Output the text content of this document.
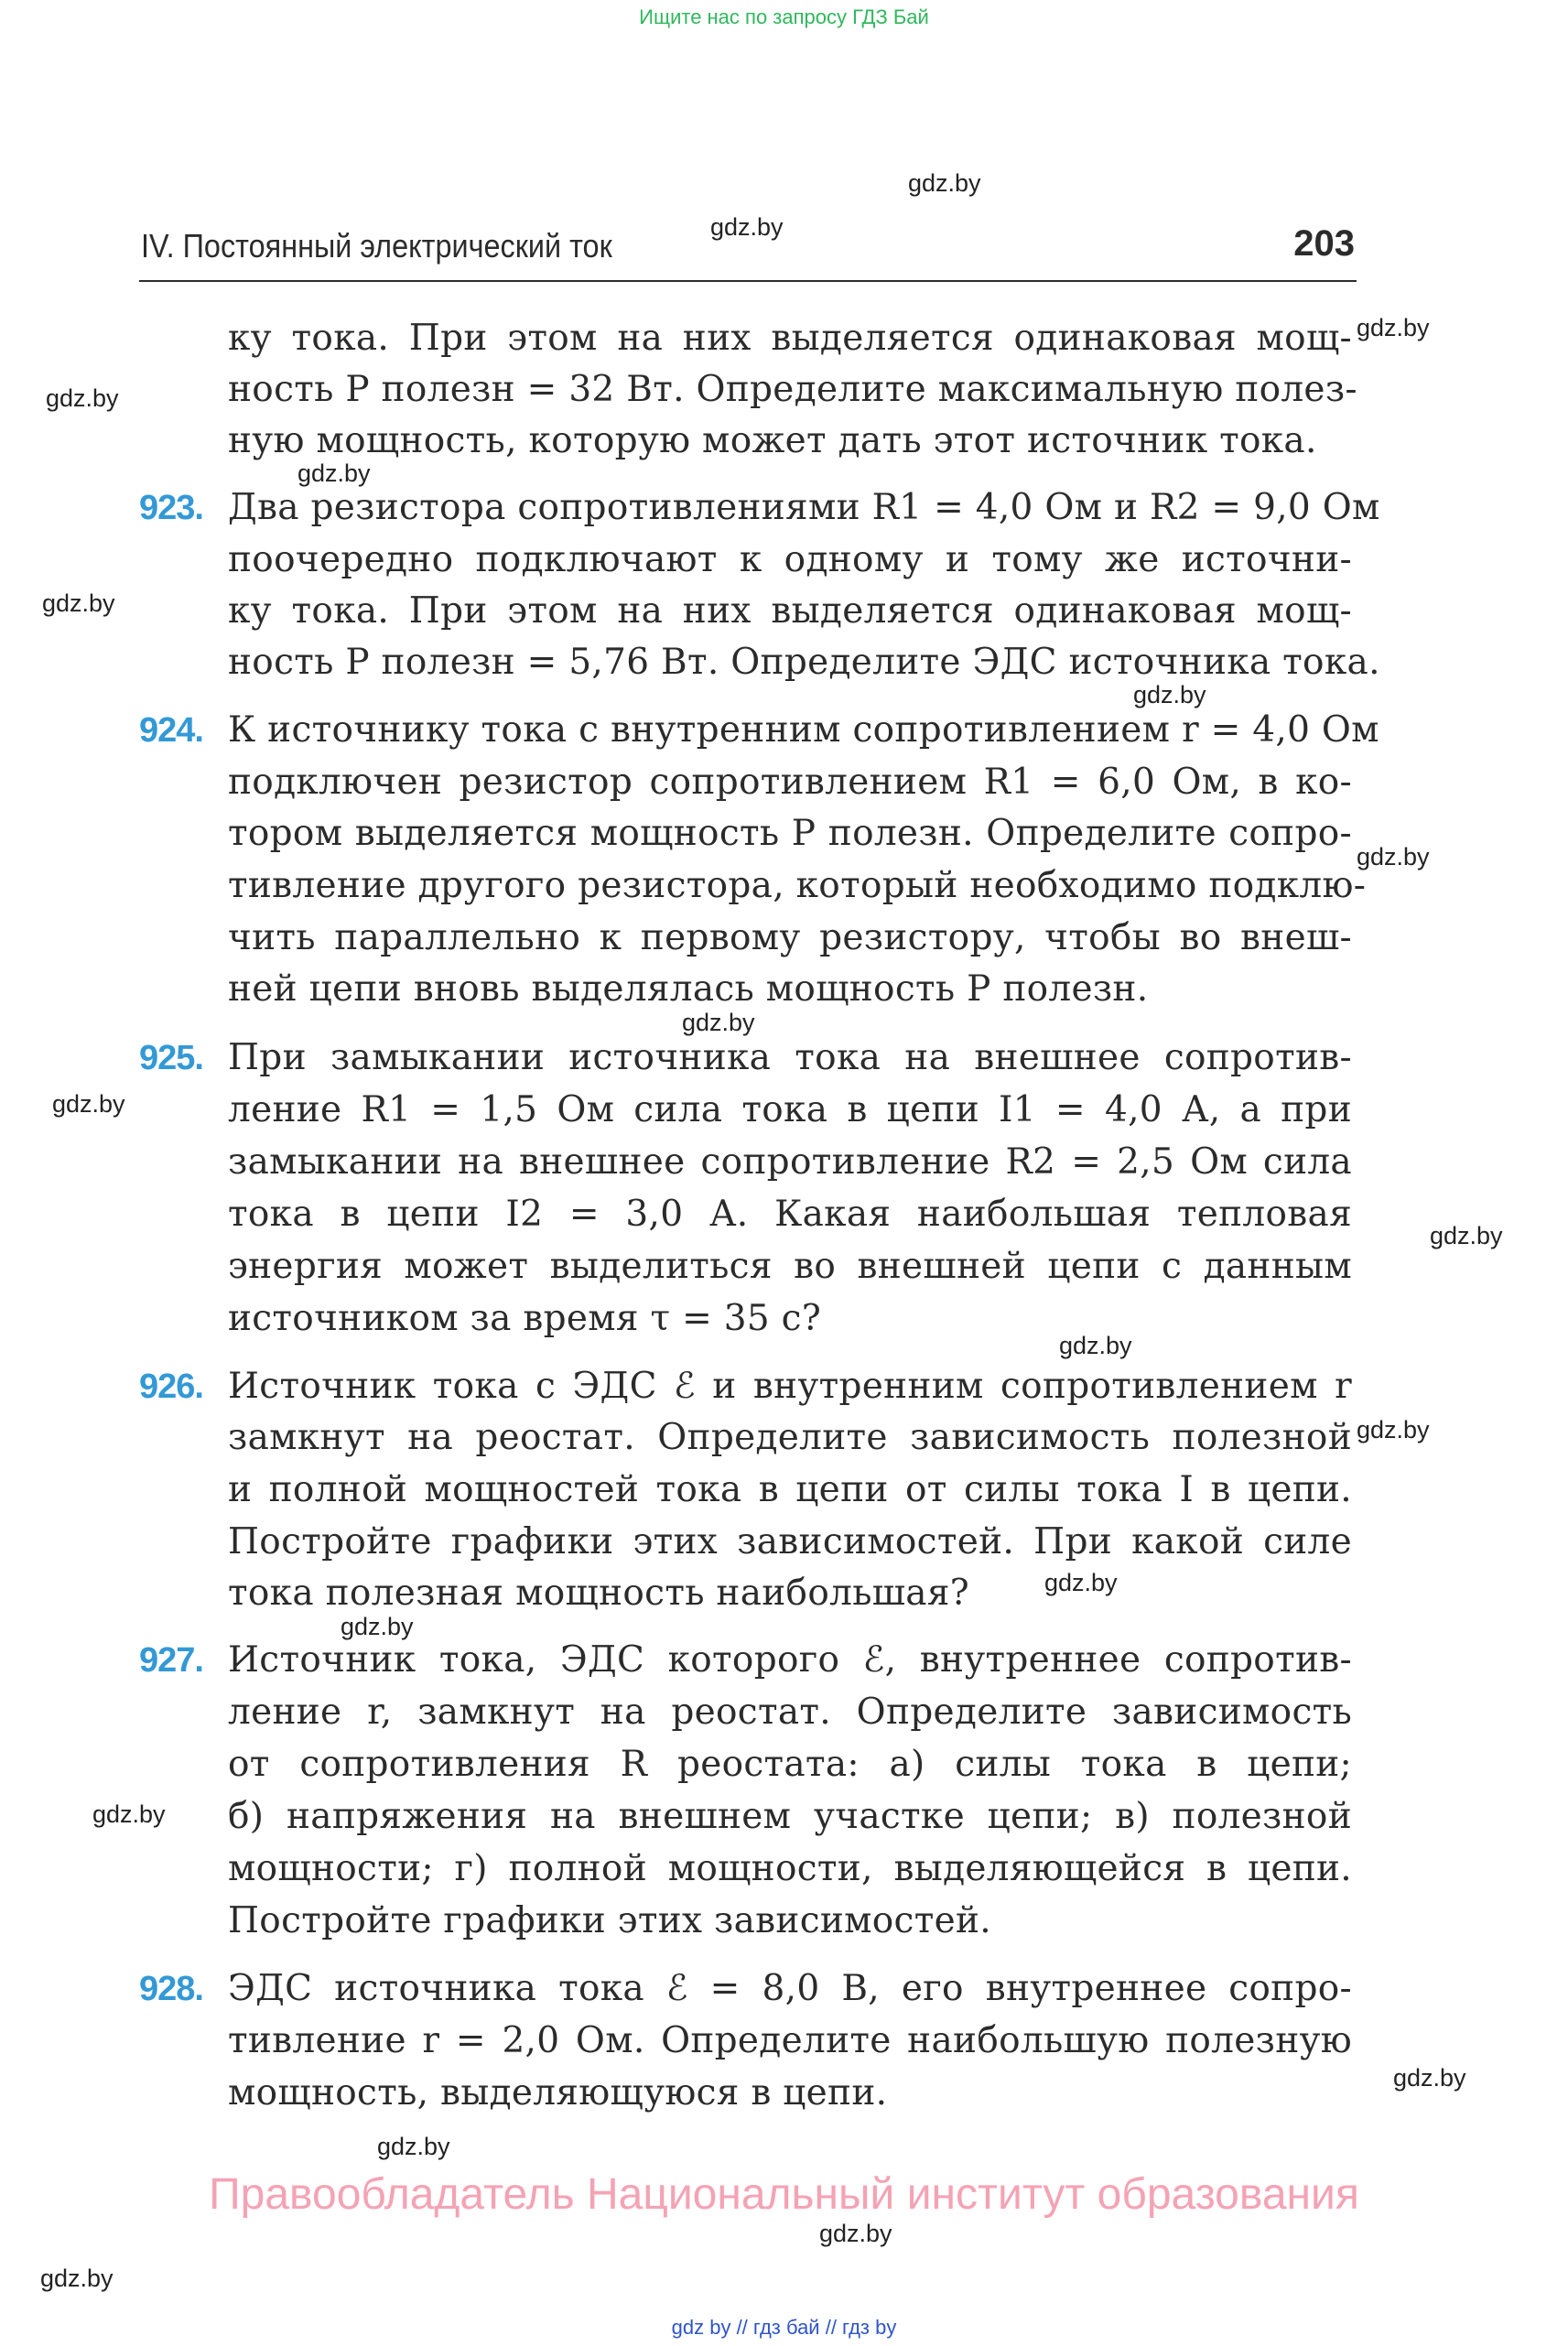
Ищите нас по запросу ГДЗ Бай
IV. Постоянный электрический ток	203
ку тока. При этом на них выделяется одинаковая мощ-
ность P полезн = 32 Вт. Определите максимальную полез-
ную мощность, которую может дать этот источник тока.
923. Два резистора сопротивлениями R1 = 4,0 Ом и R2 = 9,0 Ом
поочередно подключают к одному и тому же источни-
ку тока. При этом на них выделяется одинаковая мощ-
ность P полезн = 5,76 Вт. Определите ЭДС источника тока.
924. К источнику тока с внутренним сопротивлением r = 4,0 Ом
подключен резистор сопротивлением R1 = 6,0 Ом, в ко-
тором выделяется мощность P полезн. Определите сопро-
тивление другого резистора, который необходимо подклю-
чить параллельно к первому резистору, чтобы во внеш-
ней цепи вновь выделялась мощность P полезн.
925. При замыкании источника тока на внешнее сопротив-
ление R1 = 1,5 Ом сила тока в цепи I1 = 4,0 А, а при
замыкании на внешнее сопротивление R2 = 2,5 Ом сила
тока в цепи I2 = 3,0 А. Какая наибольшая тепловая
энергия может выделиться во внешней цепи с данным
источником за время τ = 35 с?
926. Источник тока с ЭДС ℰ и внутренним сопротивлением r
замкнут на реостат. Определите зависимость полезной
и полной мощностей тока в цепи от силы тока I в цепи.
Постройте графики этих зависимостей. При какой силе
тока полезная мощность наибольшая?
927. Источник тока, ЭДС которого ℰ, внутреннее сопротив-
ление r, замкнут на реостат. Определите зависимость
от сопротивления R реостата: а) силы тока в цепи;
б) напряжения на внешнем участке цепи; в) полезной
мощности; г) полной мощности, выделяющейся в цепи.
Постройте графики этих зависимостей.
928. ЭДС источника тока ℰ = 8,0 В, его внутреннее сопро-
тивление r = 2,0 Ом. Определите наибольшую полезную
мощность, выделяющуюся в цепи.
gdz.by
gdz.by
gdz.by
gdz.by
gdz.by
gdz.by
gdz.by
gdz.by
gdz.by
gdz.by
gdz.by
gdz.by
gdz.by
gdz.by
gdz.by
gdz.by
gdz.by
gdz.by
gdz.by
gdz.by
Правообладатель Национальный институт образования
gdz by // гдз бай // гдз by
